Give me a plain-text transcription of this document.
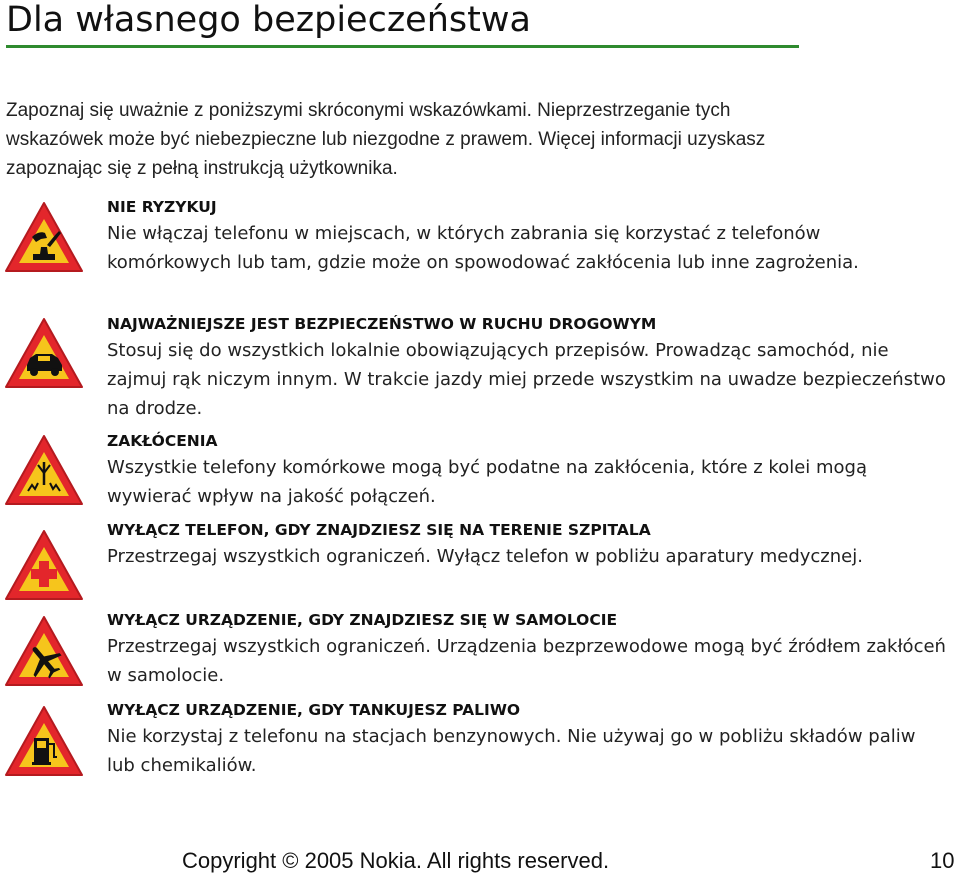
Dla własnego bezpieczeństwa
Zapoznaj się uważnie z poniższymi skróconymi wskazówkami. Nieprzestrzeganie tych wskazówek może być niebezpieczne lub niezgodne z prawem. Więcej informacji uzyskasz zapoznając się z pełną instrukcją użytkownika.
NIE RYZYKUJ

Nie włączaj telefonu w miejscach, w których zabrania się korzystać z telefonów komórkowych lub tam, gdzie może on spowodować zakłócenia lub inne zagrożenia.

NAJWAŻNIEJSZE JEST BEZPIECZEŃSTWO W RUCHU DROGOWYM

Stosuj się do wszystkich lokalnie obowiązujących przepisów. Prowadząc samochód, nie zajmuj rąk niczym innym. W trakcie jazdy miej przede wszystkim na uwadze bezpieczeństwo na drodze.

ZAKŁÓCENIA

Wszystkie telefony komórkowe mogą być podatne na zakłócenia, które z kolei mogą wywierać wpływ na jakość połączeń.

WYŁĄCZ TELEFON, GDY ZNAJDZIESZ SIĘ NA TERENIE SZPITALA

Przestrzegaj wszystkich ograniczeń. Wyłącz telefon w pobliżu aparatury medycznej.

WYŁĄCZ URZĄDZENIE, GDY ZNAJDZIESZ SIĘ W SAMOLOCIE

Przestrzegaj wszystkich ograniczeń. Urządzenia bezprzewodowe mogą być źródłem zakłóceń w samolocie.

WYŁĄCZ URZĄDZENIE, GDY TANKUJESZ PALIWO

Nie korzystaj z telefonu na stacjach benzynowych. Nie używaj go w pobliżu składów paliw lub chemikaliów.

Copyright © 2005 Nokia. All rights reserved.	10
